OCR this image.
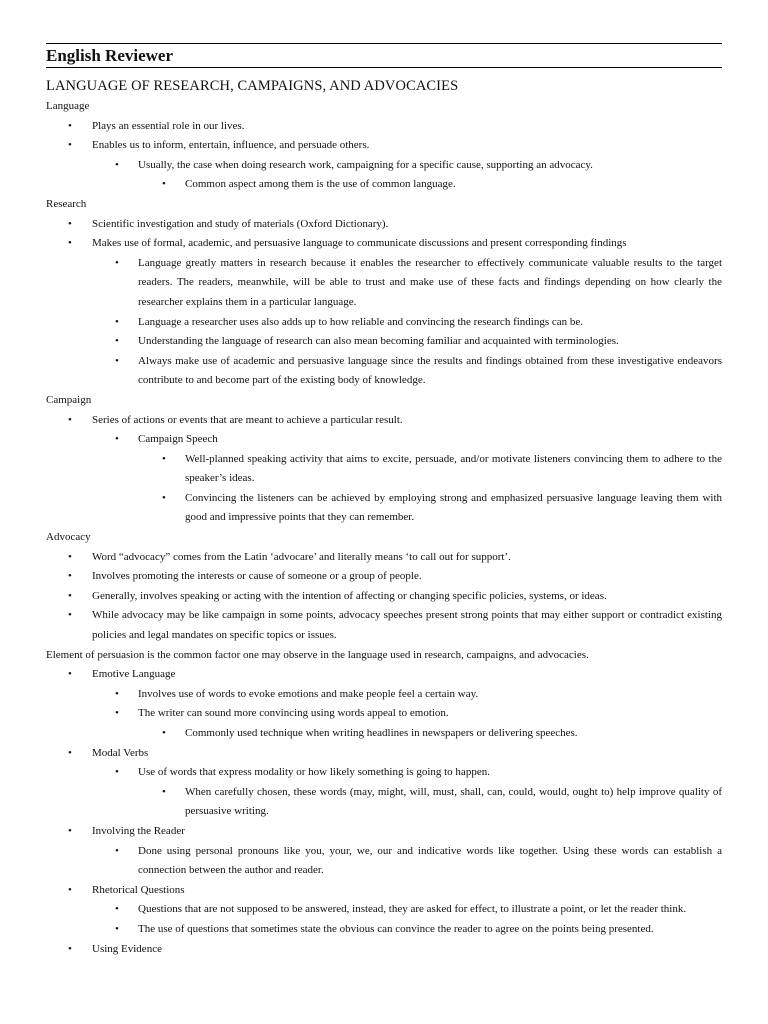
English Reviewer
LANGUAGE OF RESEARCH, CAMPAIGNS, AND ADVOCACIES
Language
• Plays an essential role in our lives.
• Enables us to inform, entertain, influence, and persuade others.
• Usually, the case when doing research work, campaigning for a specific cause, supporting an advocacy.
• Common aspect among them is the use of common language.
Research
• Scientific investigation and study of materials (Oxford Dictionary).
• Makes use of formal, academic, and persuasive language to communicate discussions and present corresponding findings
• Language greatly matters in research because it enables the researcher to effectively communicate valuable results to the target readers. The readers, meanwhile, will be able to trust and make use of these facts and findings depending on how clearly the researcher explains them in a particular language.
• Language a researcher uses also adds up to how reliable and convincing the research findings can be.
• Understanding the language of research can also mean becoming familiar and acquainted with terminologies.
• Always make use of academic and persuasive language since the results and findings obtained from these investigative endeavors contribute to and become part of the existing body of knowledge.
Campaign
• Series of actions or events that are meant to achieve a particular result.
• Campaign Speech
• Well-planned speaking activity that aims to excite, persuade, and/or motivate listeners convincing them to adhere to the speaker’s ideas.
• Convincing the listeners can be achieved by employing strong and emphasized persuasive language leaving them with good and impressive points that they can remember.
Advocacy
• Word “advocacy” comes from the Latin ‘advocare’ and literally means ‘to call out for support’.
• Involves promoting the interests or cause of someone or a group of people.
• Generally, involves speaking or acting with the intention of affecting or changing specific policies, systems, or ideas.
• While advocacy may be like campaign in some points, advocacy speeches present strong points that may either support or contradict existing policies and legal mandates on specific topics or issues.
Element of persuasion is the common factor one may observe in the language used in research, campaigns, and advocacies.
• Emotive Language
• Involves use of words to evoke emotions and make people feel a certain way.
• The writer can sound more convincing using words appeal to emotion.
• Commonly used technique when writing headlines in newspapers or delivering speeches.
• Modal Verbs
• Use of words that express modality or how likely something is going to happen.
• When carefully chosen, these words (may, might, will, must, shall, can, could, would, ought to) help improve quality of persuasive writing.
• Involving the Reader
• Done using personal pronouns like you, your, we, our and indicative words like together. Using these words can establish a connection between the author and reader.
• Rhetorical Questions
• Questions that are not supposed to be answered, instead, they are asked for effect, to illustrate a point, or let the reader think.
• The use of questions that sometimes state the obvious can convince the reader to agree on the points being presented.
• Using Evidence
